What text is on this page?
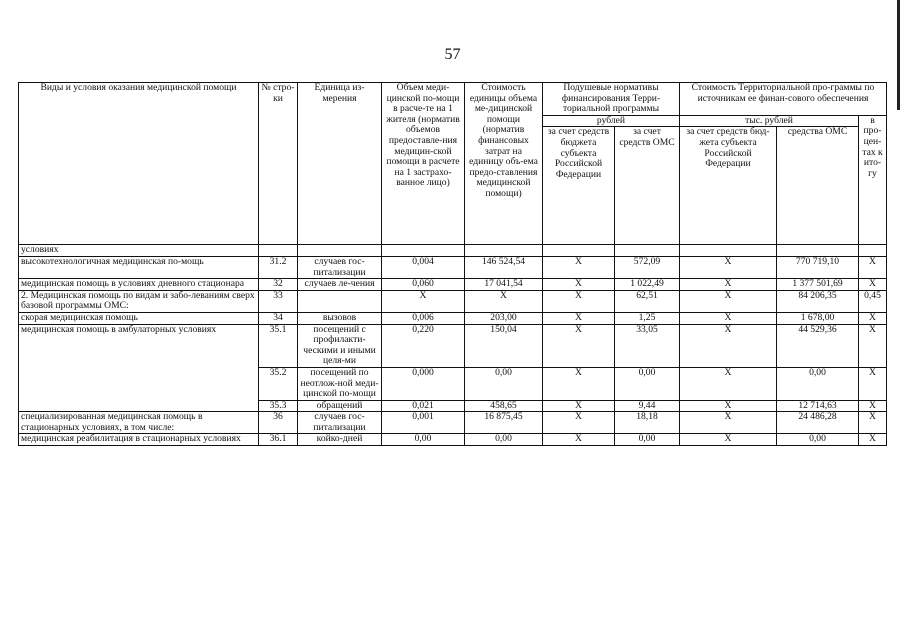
57
Виды и условия оказания медицинской помощи	№ стро-ки	Единица из-мерения	Объем меди-цинской по-мощи в расче-те на 1 жителя (норматив объемов предоставле-ния медицин-ской помощи в расчете на 1 застрахо-ванное лицо)	Стоимость единицы объема ме-дицинской помощи (норматив финансовых затрат на единицу объ-ема предо-ставления медицинской помощи)	Подушевые нормативы финансирования Терри-ториальной программы		Стоимость Территориальной про-граммы по источникам ее финан-сового обеспечения		
					рублей		тыс. рублей		в про-цен-тах к ито-гу
					за счет средств бюджета субъекта Российской Федерации	за счет средств ОМС	за счет средств бюд-жета субъекта Российской Федерации	средства ОМС	
условиях									
высокотехнологичная медицинская по-мощь	31.2	случаев гос-питализации	0,004	146 524,54	X	572,09	X	770 719,10	X
медицинская помощь в условиях дневного стационара	32	случаев ле-чения	0,060	17 041,54	X	1 022,49	X	1 377 501,69	X
2. Медицинская помощь по видам и забо-леваниям сверх базовой программы ОМС:	33		X	X	X	62,51	X	84 206,35	0,45
скорая медицинская помощь	34	вызовов	0,006	203,00	X	1,25	X	1 678,00	X
медицинская помощь в амбулаторных условиях	35.1	посещений с профилакти-ческими и иными целя-ми	0,220	150,04	X	33,05	X	44 529,36	X
	35.2	посещений по неотлож-ной меди-цинской по-мощи	0,000	0,00	X	0,00	X	0,00	X
	35.3	обращений	0,021	458,65	X	9,44	X	12 714,63	X
специализированная медицинская помощь в стационарных условиях, в том числе:	36	случаев гос-питализации	0,001	16 875,45	X	18,18	X	24 486,28	X
медицинская реабилитация в стационарных условиях	36.1	койко-дней	0,00	0,00	X	0,00	X	0,00	X
